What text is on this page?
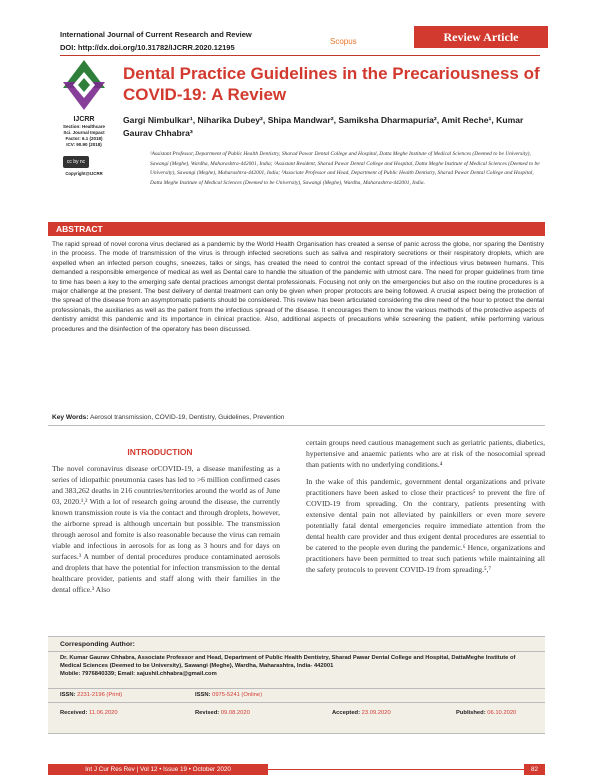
International Journal of Current Research and Review
DOI: http://dx.doi.org/10.31782/IJCRR.2020.12195
Scopus	Review Article
IJCRR
Section: Healthcare
Sci. Journal Impact Factor: 6.1 (2018)
ICV: 90.90 (2018)
cc by nc
Copyright@IJCRR
Dental Practice Guidelines in the Precariousness of COVID-19: A Review
Gargi Nimbulkar¹, Niharika Dubey², Shipa Mandwar², Samiksha Dharmapuria², Amit Reche¹, Kumar Gaurav Chhabra³
¹Assistant Professor, Department of Public Health Dentistry, Sharad Pawar Dental College and Hospital, Datta Meghe Institute of Medical Sciences (Deemed to be University), Sawangi (Meghe), Wardha, Maharashtra-442001, India; ²Assistant Resident, Sharad Pawar Dental College and Hospital, Datta Meghe Institute of Medical Sciences (Deemed to be University), Sawangi (Meghe), Maharashtra-442001, India; ³Associate Professor and Head, Department of Public Health Dentistry, Sharad Pawar Dental College and Hospital, Datta Meghe Institute of Medical Sciences (Deemed to be University), Sawangi (Meghe), Wardha, Maharashtra-442001, India.
ABSTRACT
The rapid spread of novel corona virus declared as a pandemic by the World Health Organisation has created a sense of panic across the globe, nor sparing the Dentistry in the process. The mode of transmission of the virus is through infected secretions such as saliva and respiratory secretions or their respiratory droplets, which are expelled when an infected person coughs, sneezes, talks or sings, has created the need to control the contact spread of the infectious virus between humans. This demanded a responsible emergence of medical as well as Dental care to handle the situation of the pandemic with utmost care. The need for proper guidelines from time to time has been a key to the emerging safe dental practices amongst dental professionals. Focusing not only on the emergencies but also on the routine procedures is a major challenge at the present. The best delivery of dental treatment can only be given when proper protocols are being followed. A crucial aspect being the protection of the spread of the disease from an asymptomatic patients should be considered. This review has been articulated considering the dire need of the hour to protect the dental professionals, the auxiliaries as well as the patient from the infectious spread of the disease. It encourages them to know the various methods of the protective aspects of dentistry amidst this pandemic and its importance in clinical practice. Also, additional aspects of precautions while screening the patient, while performing various procedures and the disinfection of the operatory has been discussed.
Key Words: Aerosol transmission, COVID-19, Dentistry, Guidelines, Prevention
INTRODUCTION

The novel coronavirus disease orCOVID-19, a disease manifesting as a series of idiopathic pneumonia cases has led to >6 million confirmed cases and 383,262 deaths in 216 countries/territories around the world as of June 03, 2020.¹,² With a lot of research going around the disease, the currently known transmission route is via the contact and through droplets, however, the airborne spread is although uncertain but possible. The transmission through aerosol and fomite is also reasonable because the virus can remain viable and infectious in aerosols for as long as 3 hours and for days on surfaces.³ A number of dental procedures produce contaminated aerosols and droplets that have the potential for infection transmission to the dental healthcare provider, patients and staff along with their families in the dental office.³ Also

certain groups need cautious management such as geriatric patients, diabetics, hypertensive and anaemic patients who are at risk of the nosocomial spread than patients with no underlying conditions.⁴

In the wake of this pandemic, government dental organizations and private practitioners have been asked to close their practices⁵ to prevent the fire of COVID-19 from spreading. On the contrary, patients presenting with extensive dental pain not alleviated by painkillers or even more severe potentially fatal dental emergencies require immediate attention from the dental health care provider and thus exigent dental procedures are essential to be catered to the people even during the pandemic.⁶ Hence, organizations and practitioners have been permitted to treat such patients while maintaining all the safety protocols to prevent COVID-19 from spreading.⁵,⁷

Corresponding Author:
Dr. Kumar Gaurav Chhabra, Associate Professor and Head, Department of Public Health Dentistry, Sharad Pawar Dental College and Hospital, DattaMeghe Institute of Medical Sciences (Deemed to be University), Sawangi (Meghe), Wardha, Maharashtra, India- 442001
Mobile: 7976840339; Email: sajushil.chhabra@gmail.com
ISSN: 2231-2196 (Print)	ISSN: 0975-5241 (Online)
Received: 11.06.2020	Revised: 09.08.2020	Accepted: 23.09.2020	Published: 06.10.2020
Int J Cur Res Rev | Vol 12 • Issue 19 • October 2020	82
